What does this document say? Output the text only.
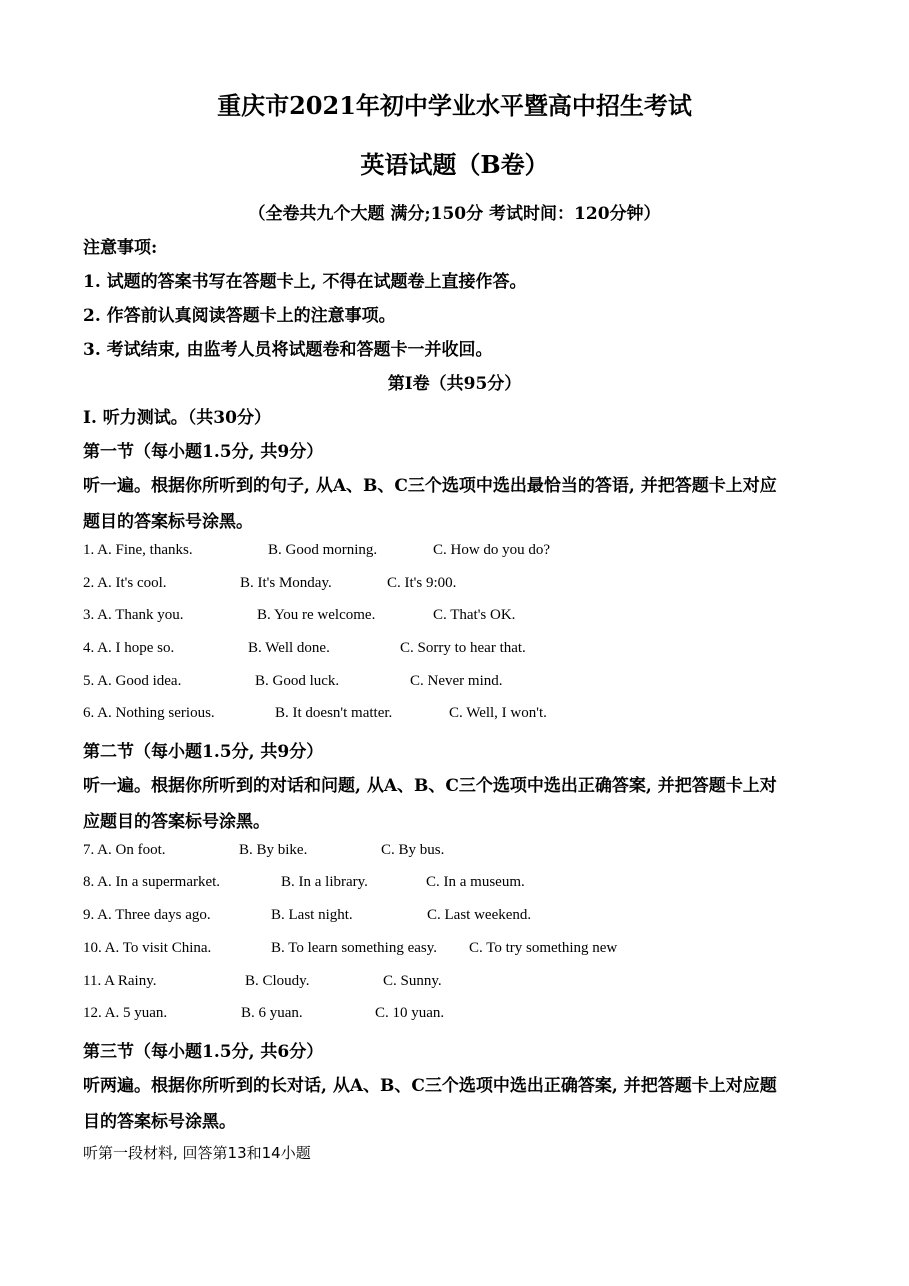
重庆市2021年初中学业水平暨高中招生考试
英语试题（B卷）
（全卷共九个大题 满分;150分 考试时间：120分钟）
注意事项:
1. 试题的答案书写在答题卡上, 不得在试题卷上直接作答。
2. 作答前认真阅读答题卡上的注意事项。
3. 考试结束, 由监考人员将试题卷和答题卡一并收回。
第I卷（共95分）
I. 听力测试。（共30分）
第一节（每小题1.5分, 共9分）
听一遍。根据你所听到的句子, 从A、B、C三个选项中选出最恰当的答语, 并把答题卡上对应
题目的答案标号涂黑。
1. A. Fine, thanks.	B. Good morning.	C. How do you do?
2. A. It's cool.	B. It's Monday.	C. It's 9:00.
3. A. Thank you.	B. You re welcome.	C. That's OK.
4. A. I hope so.	B. Well done.	C. Sorry to hear that.
5. A. Good idea.	B. Good luck.	C. Never mind.
6. A. Nothing serious.	B. It doesn't matter.	C. Well, I won't.
第二节（每小题1.5分, 共9分）
听一遍。根据你所听到的对话和问题, 从A、B、C三个选项中选出正确答案, 并把答题卡上对
应题目的答案标号涂黑。
7. A. On foot.	B. By bike.	C. By bus.
8. A. In a supermarket.	B. In a library.	C. In a museum.
9. A. Three days ago.	B. Last night.	C. Last weekend.
10. A. To visit China.	B. To learn something easy. C. To try something new
11. A Rainy.	B. Cloudy.	C. Sunny.
12. A. 5 yuan.	B. 6 yuan.	C. 10 yuan.
第三节（每小题1.5分, 共6分）
听两遍。根据你所听到的长对话, 从A、B、C三个选项中选出正确答案, 并把答题卡上对应题
目的答案标号涂黑。
听第一段材料, 回答第13和14小题
